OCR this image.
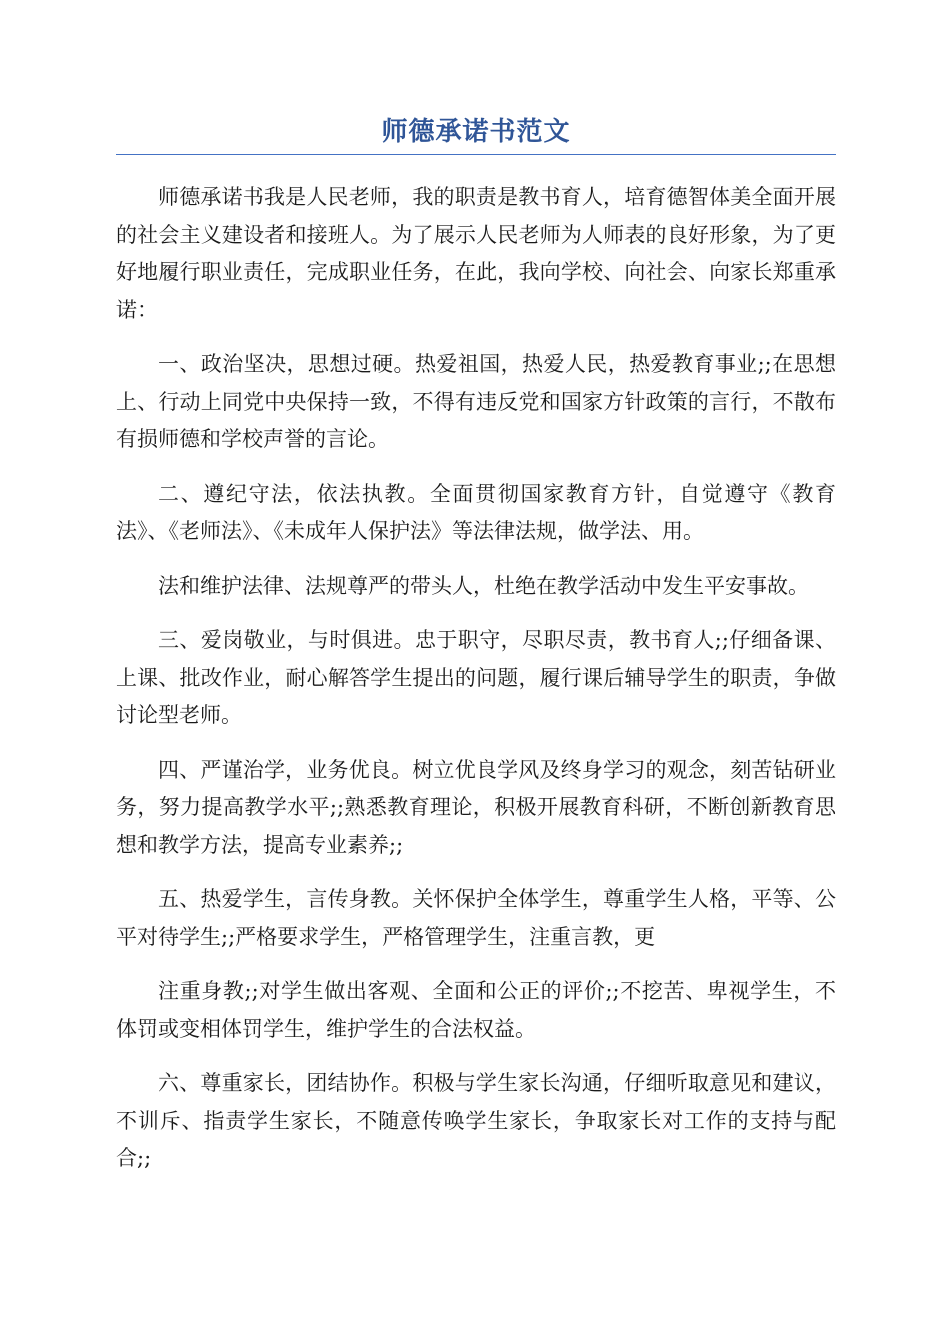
师德承诺书范文

师德承诺书我是人民老师，我的职责是教书育人，培育德智体美全面开展的社会主义建设者和接班人。为了展示人民老师为人师表的良好形象，为了更好地履行职业责任，完成职业任务，在此，我向学校、向社会、向家长郑重承诺：

一、政治坚决，思想过硬。热爱祖国，热爱人民，热爱教育事业;;在思想上、行动上同党中央保持一致，不得有违反党和国家方针政策的言行，不散布有损师德和学校声誉的言论。

二、遵纪守法，依法执教。全面贯彻国家教育方针，自觉遵守《教育法》、《老师法》、《未成年人保护法》等法律法规，做学法、用。

法和维护法律、法规尊严的带头人，杜绝在教学活动中发生平安事故。

三、爱岗敬业，与时俱进。忠于职守，尽职尽责，教书育人;;仔细备课、上课、批改作业，耐心解答学生提出的问题，履行课后辅导学生的职责，争做讨论型老师。

四、严谨治学，业务优良。树立优良学风及终身学习的观念，刻苦钻研业务，努力提高教学水平;;熟悉教育理论，积极开展教育科研，不断创新教育思想和教学方法，提高专业素养;;

五、热爱学生，言传身教。关怀保护全体学生，尊重学生人格，平等、公平对待学生;;严格要求学生，严格管理学生，注重言教，更

注重身教;;对学生做出客观、全面和公正的评价;;不挖苦、卑视学生，不体罚或变相体罚学生，维护学生的合法权益。

六、尊重家长，团结协作。积极与学生家长沟通，仔细听取意见和建议，不训斥、指责学生家长，不随意传唤学生家长，争取家长对工作的支持与配合;;
